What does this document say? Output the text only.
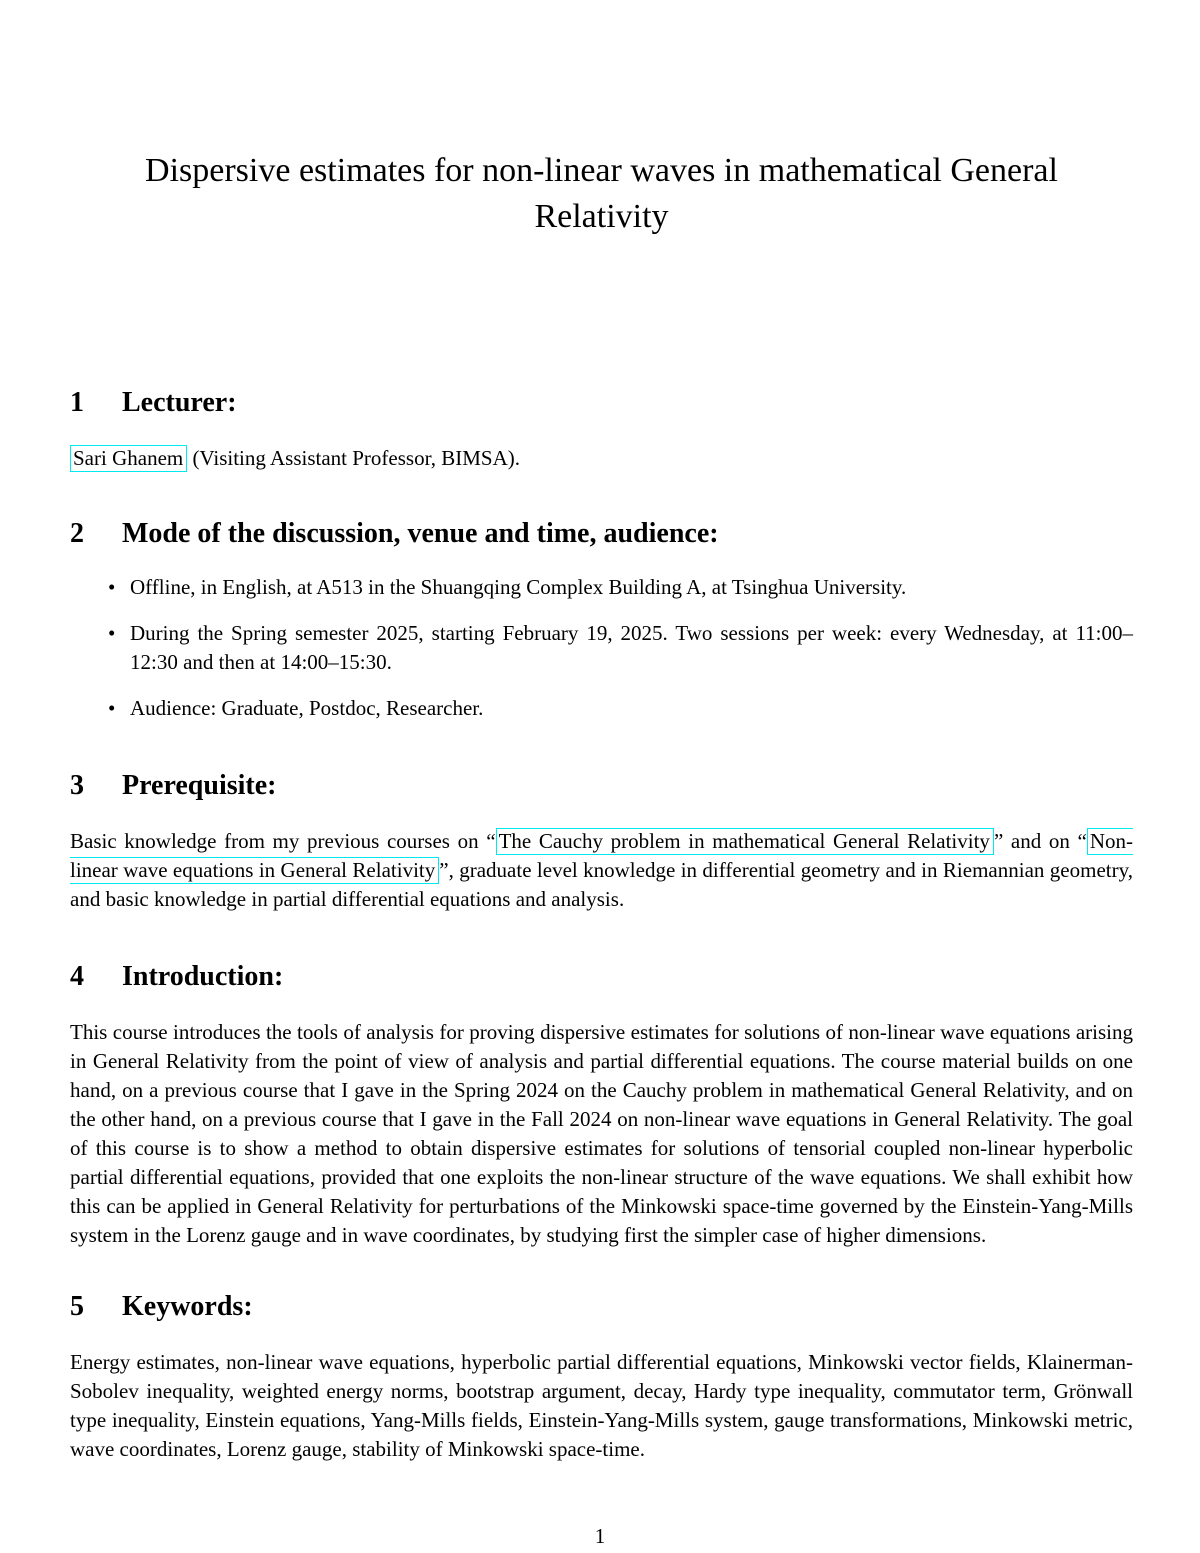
Dispersive estimates for non-linear waves in mathematical General Relativity
1 Lecturer:

Sari Ghanem (Visiting Assistant Professor, BIMSA).

2 Mode of the discussion, venue and time, audience:
• Offline, in English, at A513 in the Shuangqing Complex Building A, at Tsinghua University.
• During the Spring semester 2025, starting February 19, 2025. Two sessions per week: every Wednesday, at 11:00–12:30 and then at 14:00–15:30.
• Audience: Graduate, Postdoc, Researcher.
3 Prerequisite:

Basic knowledge from my previous courses on “ The Cauchy problem in mathematical General Relativity ” and on “ Non-linear wave equations in General Relativity ”, graduate level knowledge in differential geometry and in Riemannian geometry, and basic knowledge in partial differential equations and analysis.

4 Introduction:

This course introduces the tools of analysis for proving dispersive estimates for solutions of non-linear wave equations arising in General Relativity from the point of view of analysis and partial differential equations. The course material builds on one hand, on a previous course that I gave in the Spring 2024 on the Cauchy problem in mathematical General Relativity, and on the other hand, on a previous course that I gave in the Fall 2024 on non-linear wave equations in General Relativity. The goal of this course is to show a method to obtain dispersive estimates for solutions of tensorial coupled non-linear hyperbolic partial differential equations, provided that one exploits the non-linear structure of the wave equations. We shall exhibit how this can be applied in General Relativity for perturbations of the Minkowski space-time governed by the Einstein-Yang-Mills system in the Lorenz gauge and in wave coordinates, by studying first the simpler case of higher dimensions.

5 Keywords:

Energy estimates, non-linear wave equations, hyperbolic partial differential equations, Minkowski vector fields, Klainerman-Sobolev inequality, weighted energy norms, bootstrap argument, decay, Hardy type inequality, commutator term, Grönwall type inequality, Einstein equations, Yang-Mills fields, Einstein-Yang-Mills system, gauge transformations, Minkowski metric, wave coordinates, Lorenz gauge, stability of Minkowski space-time.

1
